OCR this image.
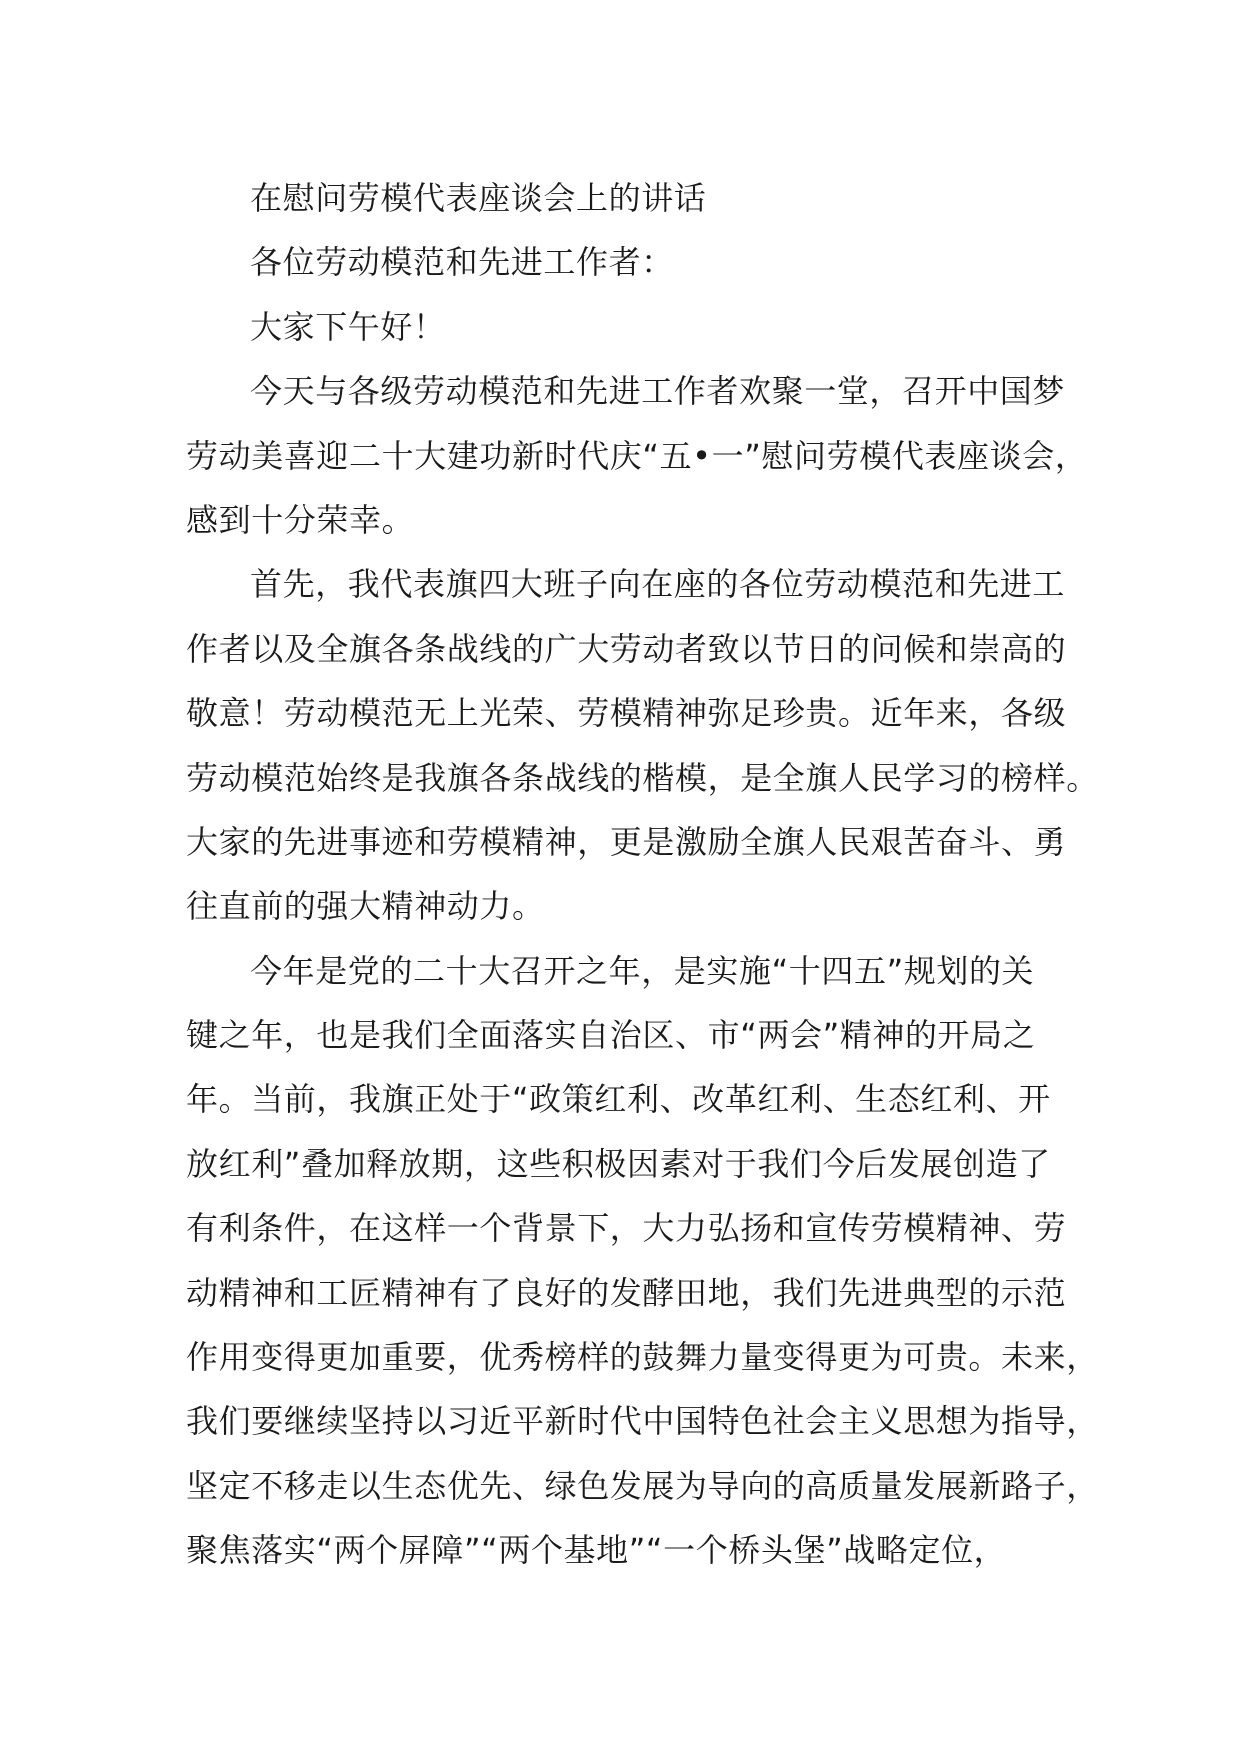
在慰问劳模代表座谈会上的讲话
各位劳动模范和先进工作者：
大家下午好！
今天与各级劳动模范和先进工作者欢聚一堂，召开中国梦
劳动美喜迎二十大建功新时代庆“五•一”慰问劳模代表座谈会，
感到十分荣幸。
首先，我代表旗四大班子向在座的各位劳动模范和先进工
作者以及全旗各条战线的广大劳动者致以节日的问候和崇高的
敬意！劳动模范无上光荣、劳模精神弥足珍贵。近年来，各级
劳动模范始终是我旗各条战线的楷模，是全旗人民学习的榜样。
大家的先进事迹和劳模精神，更是激励全旗人民艰苦奋斗、勇
往直前的强大精神动力。
今年是党的二十大召开之年，是实施“十四五”规划的关
键之年，也是我们全面落实自治区、市“两会”精神的开局之
年。当前，我旗正处于“政策红利、改革红利、生态红利、开
放红利”叠加释放期，这些积极因素对于我们今后发展创造了
有利条件，在这样一个背景下，大力弘扬和宣传劳模精神、劳
动精神和工匠精神有了良好的发酵田地，我们先进典型的示范
作用变得更加重要，优秀榜样的鼓舞力量变得更为可贵。未来，
我们要继续坚持以习近平新时代中国特色社会主义思想为指导，
坚定不移走以生态优先、绿色发展为导向的高质量发展新路子，
聚焦落实“两个屏障”“两个基地”“一个桥头堡”战略定位，
